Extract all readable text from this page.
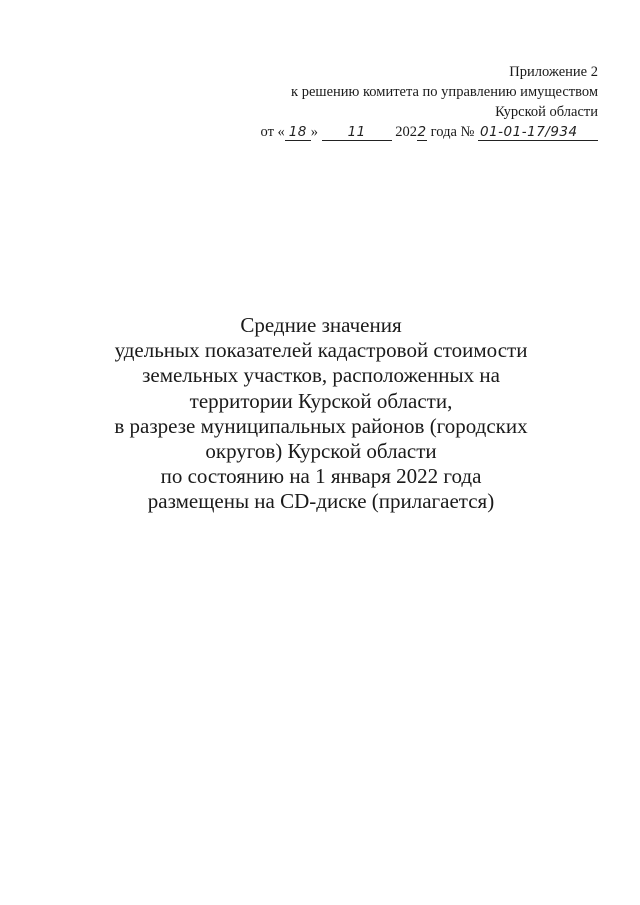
Приложение 2
к решению комитета по управлению имуществом
Курской области
от « 18 » 11 2022 года № 01-01-17/934
Средние значения
удельных показателей кадастровой стоимости
земельных участков, расположенных на
территории Курской области,
в разрезе муниципальных районов (городских
округов) Курской области
по состоянию на 1 января 2022 года
размещены на CD-диске (прилагается)
